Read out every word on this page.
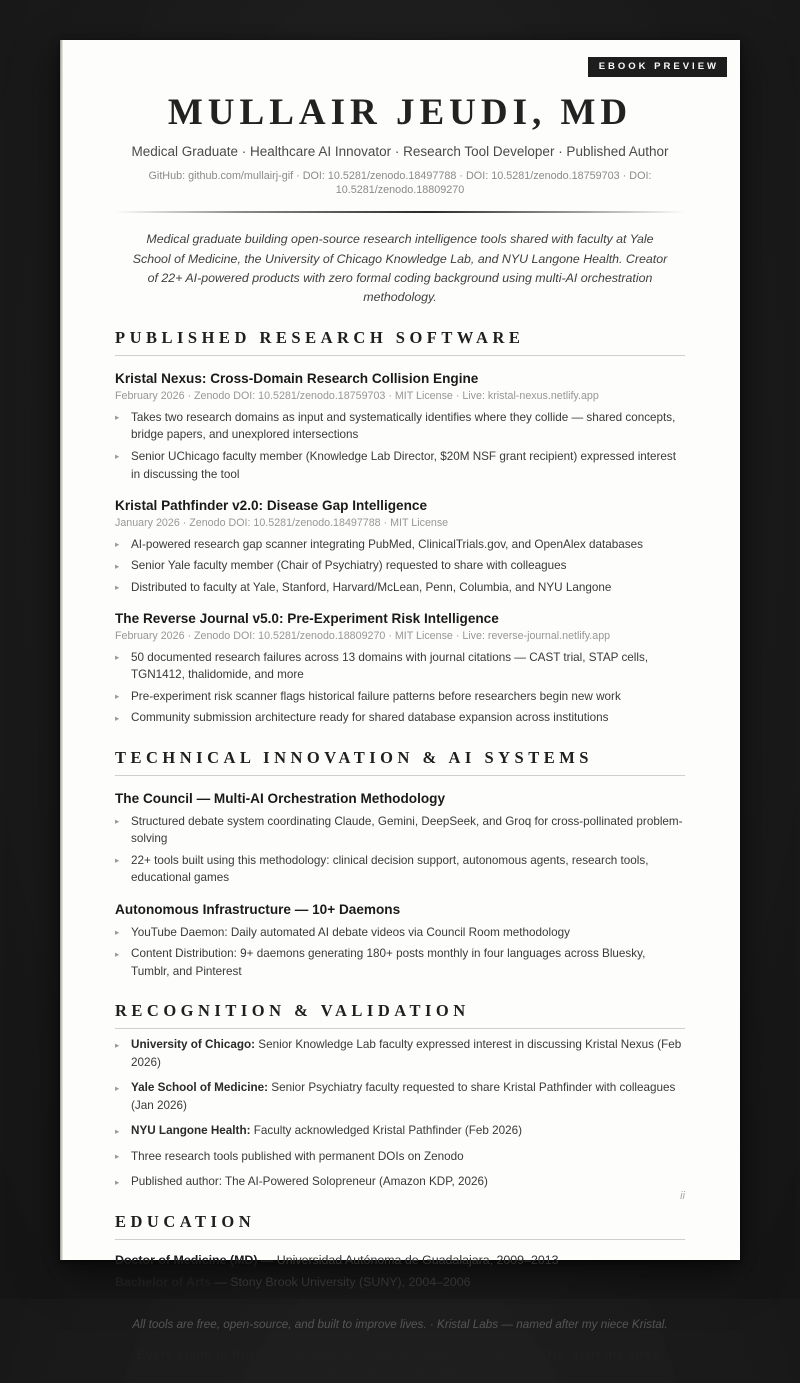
EBOOK PREVIEW
MULLAIR JEUDI, MD

Medical Graduate · Healthcare AI Innovator · Research Tool Developer · Published Author

GitHub: github.com/mullairj-gif · DOI: 10.5281/zenodo.18497788 · DOI: 10.5281/zenodo.18759703 · DOI: 10.5281/zenodo.18809270

Medical graduate building open-source research intelligence tools shared with faculty at Yale School of Medicine, the University of Chicago Knowledge Lab, and NYU Langone Health. Creator of 22+ AI-powered products with zero formal coding background using multi-AI orchestration methodology.

PUBLISHED RESEARCH SOFTWARE
Kristal Nexus: Cross-Domain Research Collision Engine

February 2026 · Zenodo DOI: 10.5281/zenodo.18759703 · MIT License · Live: kristal-nexus.netlify.app

▸	Takes two research domains as input and systematically identifies where they collide — shared concepts, bridge papers, and unexplored intersections
▸	Senior UChicago faculty member (Knowledge Lab Director, $20M NSF grant recipient) expressed interest in discussing the tool
Kristal Pathfinder v2.0: Disease Gap Intelligence

January 2026 · Zenodo DOI: 10.5281/zenodo.18497788 · MIT License

▸	AI-powered research gap scanner integrating PubMed, ClinicalTrials.gov, and OpenAlex databases
▸	Senior Yale faculty member (Chair of Psychiatry) requested to share with colleagues
▸	Distributed to faculty at Yale, Stanford, Harvard/McLean, Penn, Columbia, and NYU Langone
The Reverse Journal v5.0: Pre-Experiment Risk Intelligence

February 2026 · Zenodo DOI: 10.5281/zenodo.18809270 · MIT License · Live: reverse-journal.netlify.app

▸	50 documented research failures across 13 domains with journal citations — CAST trial, STAP cells, TGN1412, thalidomide, and more
▸	Pre-experiment risk scanner flags historical failure patterns before researchers begin new work
▸	Community submission architecture ready for shared database expansion across institutions
TECHNICAL INNOVATION & AI SYSTEMS
The Council — Multi-AI Orchestration Methodology
▸	Structured debate system coordinating Claude, Gemini, DeepSeek, and Groq for cross-pollinated problem-solving
▸	22+ tools built using this methodology: clinical decision support, autonomous agents, research tools, educational games
Autonomous Infrastructure — 10+ Daemons
▸	YouTube Daemon: Daily automated AI debate videos via Council Room methodology
▸	Content Distribution: 9+ daemons generating 180+ posts monthly in four languages across Bluesky, Tumblr, and Pinterest
RECOGNITION & VALIDATION
▸	University of Chicago: Senior Knowledge Lab faculty expressed interest in discussing Kristal Nexus (Feb 2026)
▸	Yale School of Medicine: Senior Psychiatry faculty requested to share Kristal Pathfinder with colleagues (Jan 2026)
▸	NYU Langone Health: Faculty acknowledged Kristal Pathfinder (Feb 2026)
▸	Three research tools published with permanent DOIs on Zenodo
▸	Published author: The AI-Powered Solopreneur (Amazon KDP, 2026)
EDUCATION

Doctor of Medicine (MD) — Universidad Autónoma de Guadalajara, 2009–2013

Bachelor of Arts — Stony Brook University (SUNY), 2004–2006

All tools are free, open-source, and built to improve lives. · Kristal Labs — named after my niece Kristal.

Every claim in this CV is verifiable. Click the links. Check the DOIs. Visit the sites. Receipts, not theories.

ii
